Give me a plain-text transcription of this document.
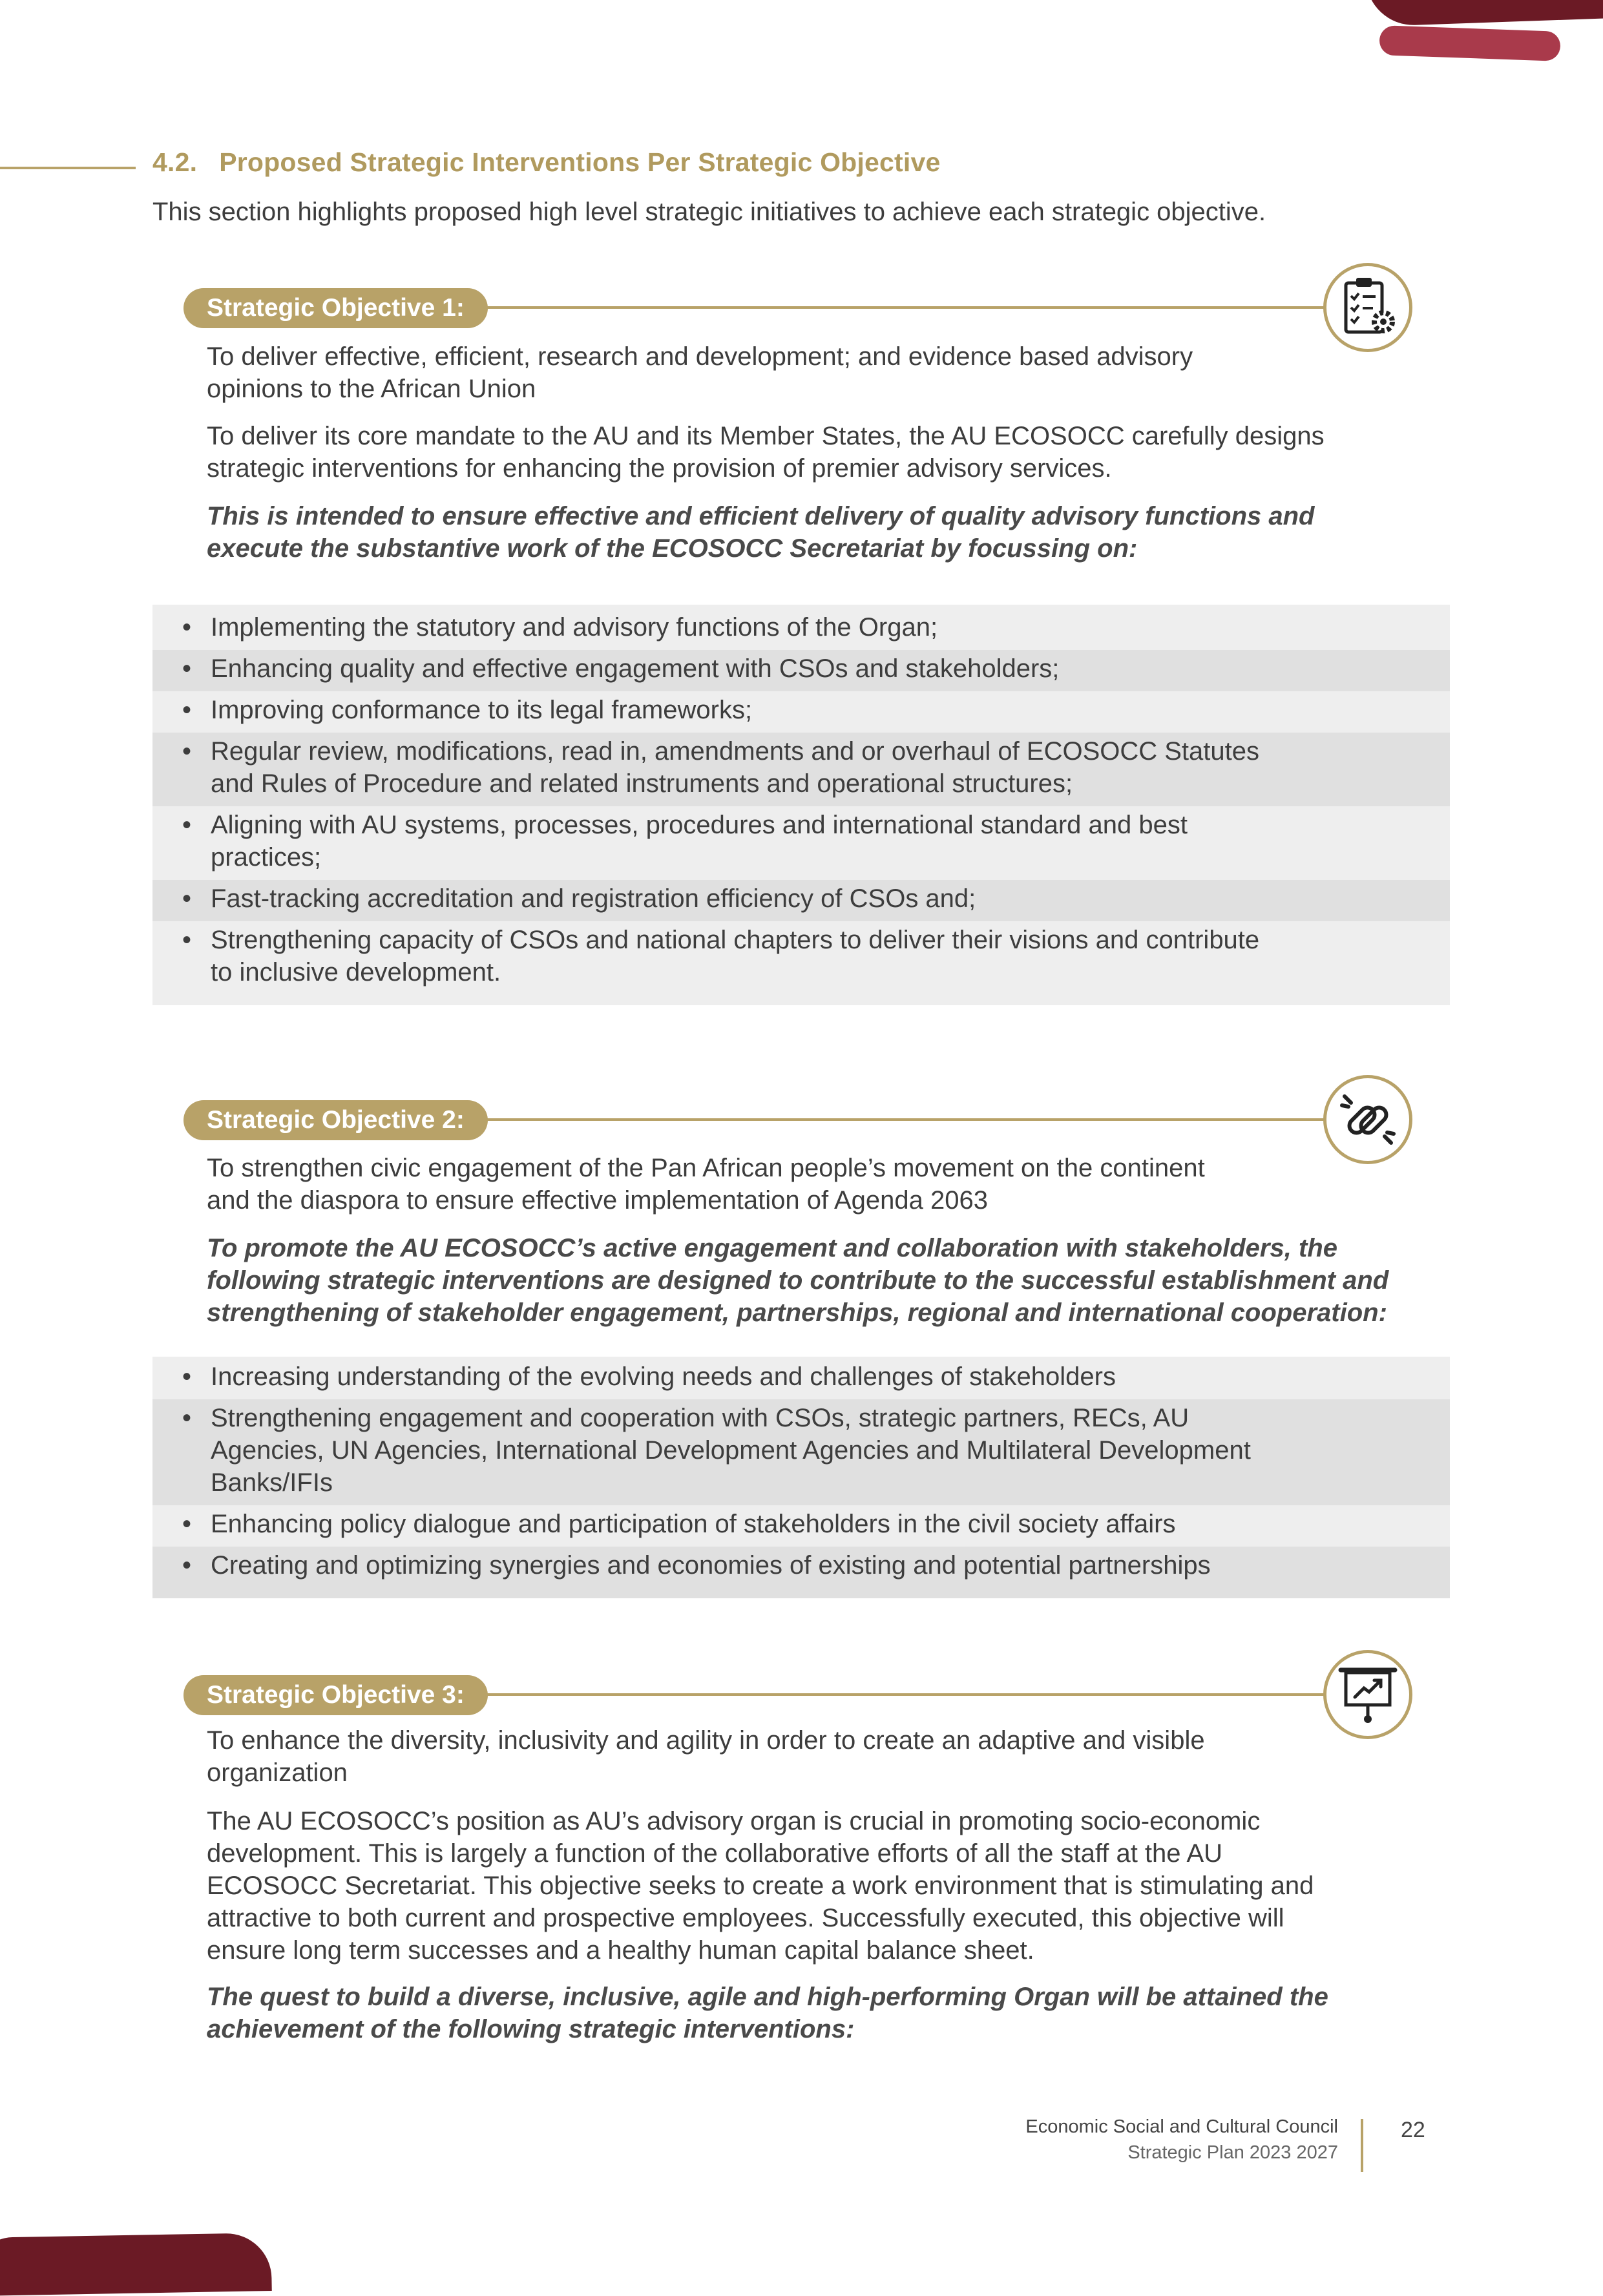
4.2. Proposed Strategic Interventions Per Strategic Objective
This section highlights proposed high level strategic initiatives to achieve each strategic objective.
Strategic Objective 1:
To deliver effective, efficient, research and development; and evidence based advisory
opinions to the African Union
To deliver its core mandate to the AU and its Member States, the AU ECOSOCC carefully designs
strategic interventions for enhancing the provision of premier advisory services.
This is intended to ensure effective and efficient delivery of quality advisory functions and
execute the substantive work of the ECOSOCC Secretariat by focussing on:
• Implementing the statutory and advisory functions of the Organ;
• Enhancing quality and effective engagement with CSOs and stakeholders;
• Improving conformance to its legal frameworks;
• Regular review, modifications, read in, amendments and or overhaul of ECOSOCC Statutes
and Rules of Procedure and related instruments and operational structures;
• Aligning with AU systems, processes, procedures and international standard and best
practices;
• Fast-tracking accreditation and registration efficiency of CSOs and;
• Strengthening capacity of CSOs and national chapters to deliver their visions and contribute
to inclusive development.
Strategic Objective 2:
To strengthen civic engagement of the Pan African people’s movement on the continent
and the diaspora to ensure effective implementation of Agenda 2063
To promote the AU ECOSOCC’s active engagement and collaboration with stakeholders, the
following strategic interventions are designed to contribute to the successful establishment and
strengthening of stakeholder engagement, partnerships, regional and international cooperation:
• Increasing understanding of the evolving needs and challenges of stakeholders
• Strengthening engagement and cooperation with CSOs, strategic partners, RECs, AU
Agencies, UN Agencies, International Development Agencies and Multilateral Development
Banks/IFIs
• Enhancing policy dialogue and participation of stakeholders in the civil society affairs
• Creating and optimizing synergies and economies of existing and potential partnerships
Strategic Objective 3:
To enhance the diversity, inclusivity and agility in order to create an adaptive and visible
organization
The AU ECOSOCC’s position as AU’s advisory organ is crucial in promoting socio-economic
development. This is largely a function of the collaborative efforts of all the staff at the AU
ECOSOCC Secretariat. This objective seeks to create a work environment that is stimulating and
attractive to both current and prospective employees. Successfully executed, this objective will
ensure long term successes and a healthy human capital balance sheet.
The quest to build a diverse, inclusive, agile and high-performing Organ will be attained the
achievement of the following strategic interventions:
Economic Social and Cultural Council
Strategic Plan 2023 2027
22
